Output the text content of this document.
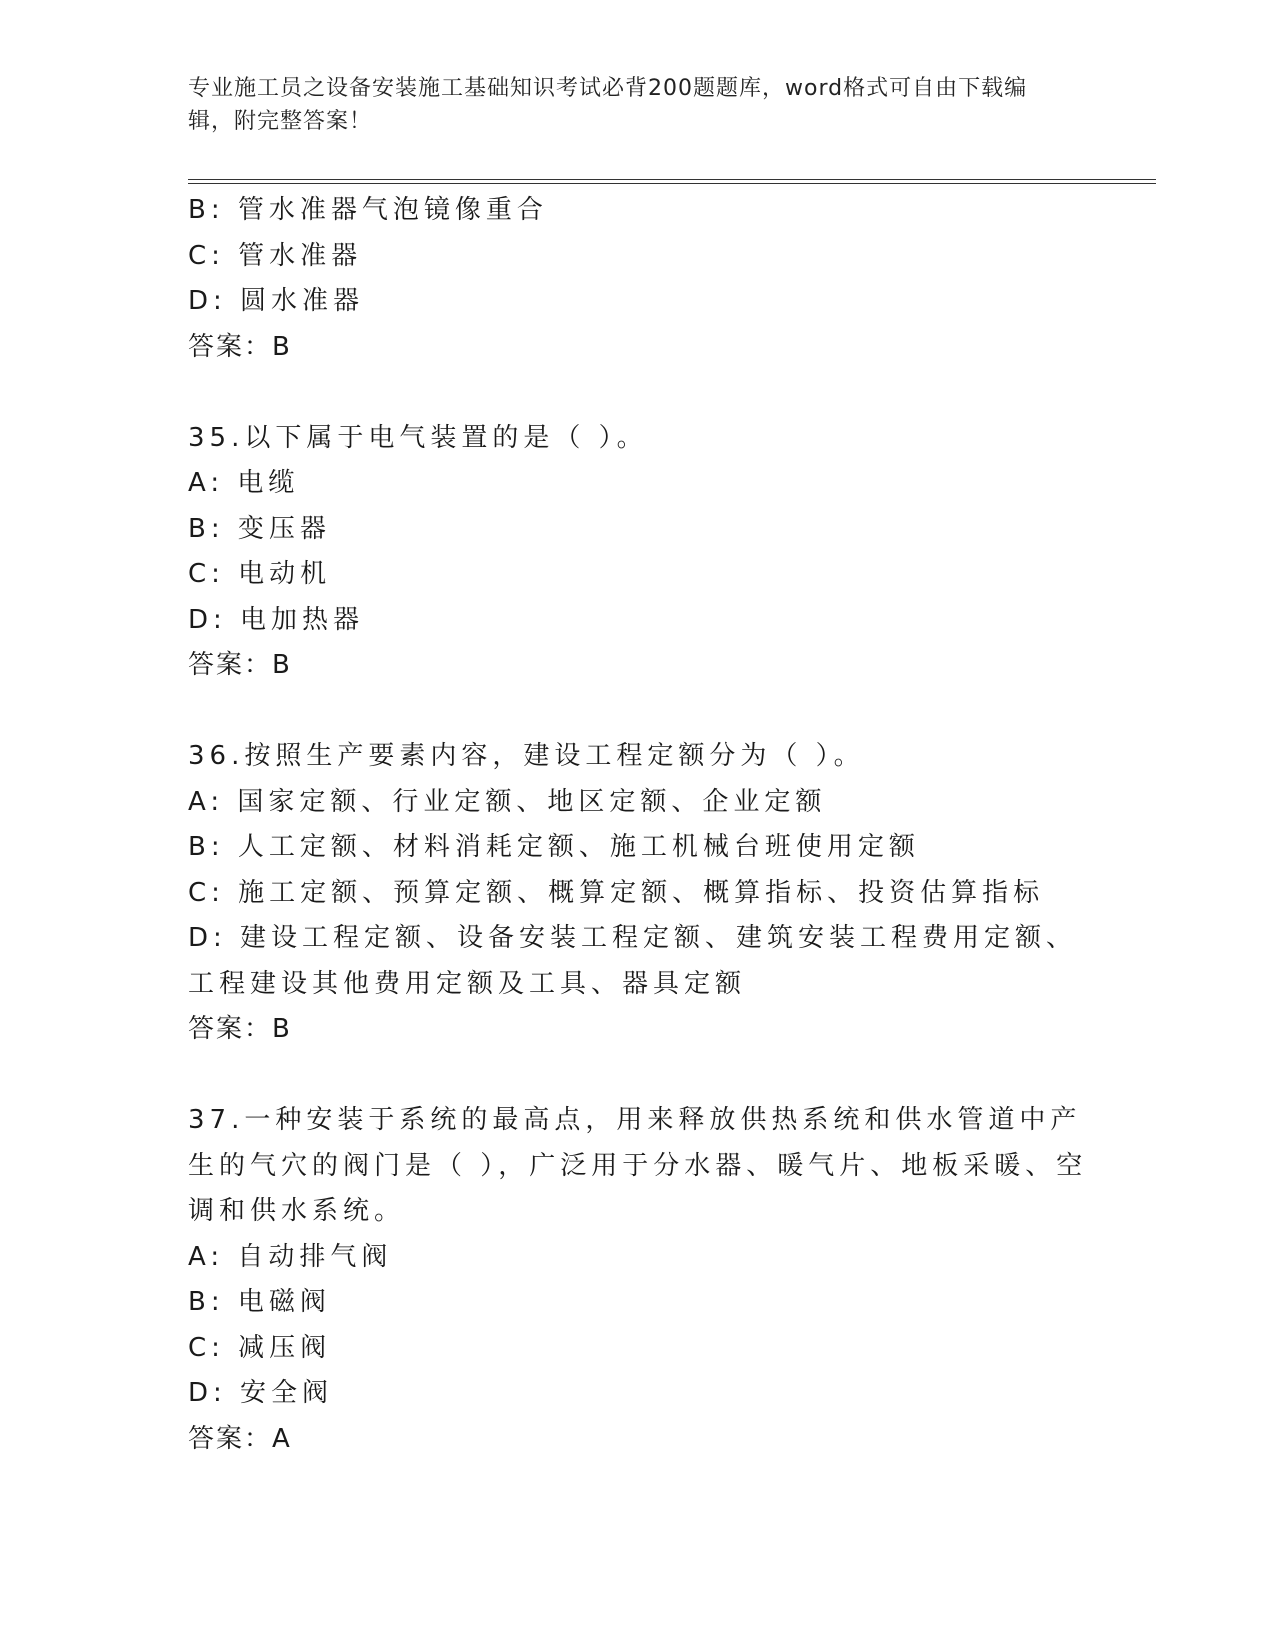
专业施工员之设备安装施工基础知识考试必背200题题库，word格式可自由下载编辑，附完整答案！
B: 管水准器气泡镜像重合
C: 管水准器
D: 圆水准器
答案：B
35.以下属于电气装置的是（ ）。
A: 电缆
B: 变压器
C: 电动机
D: 电加热器
答案：B
36.按照生产要素内容，建设工程定额分为（ ）。
A: 国家定额、行业定额、地区定额、企业定额
B: 人工定额、材料消耗定额、施工机械台班使用定额
C: 施工定额、预算定额、概算定额、概算指标、投资估算指标
D: 建设工程定额、设备安装工程定额、建筑安装工程费用定额、工程建设其他费用定额及工具、器具定额
答案：B
37.一种安装于系统的最高点，用来释放供热系统和供水管道中产生的气穴的阀门是（ ），广泛用于分水器、暖气片、地板采暖、空调和供水系统。
A: 自动排气阀
B: 电磁阀
C: 减压阀
D: 安全阀
答案：A
